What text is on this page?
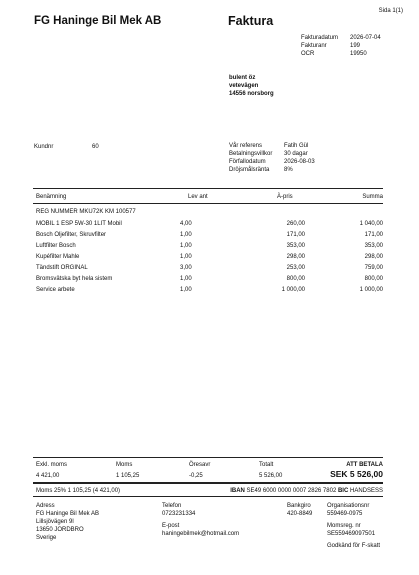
Sida 1(1)
FG Haninge Bil Mek AB	Faktura
Fakturadatum	2026-07-04
Fakturanr	199
OCR	19950
bulent öz
vetevägen
14556 norsborg
Kundnr	60	Vår referens	Fatih Gül
Betalningsvillkor	30 dagar
Förfallodatum	2026-08-03
Dröjsmålsränta	8%
Benämning	Lev ant	À-pris	Summa
REG NUMMER MKU72K KM 100577
MOBIL 1 ESP 5W-30 1LIT Mobil	4,00	260,00	1 040,00
Bosch Oljefilter, Skruvfilter	1,00	171,00	171,00
Luftfilter Bosch	1,00	353,00	353,00
Kupéfilter Mahle	1,00	298,00	298,00
Tändstift ORGINAL	3,00	253,00	759,00
Bromsvätska byt hela sistem	1,00	800,00	800,00
Service arbete	1,00	1 000,00	1 000,00
Exkl. moms	Moms	Öresavr	Totalt	ATT BETALA
4 421,00	1 105,25	-0,25	5 526,00	SEK 5 526,00
Moms 25% 1 105,25 (4 421,00)	IBAN SE49 6000 0000 0007 2826 7802 BIC HANDSESS
Adress
FG Haninge Bil Mek AB
Lillsjövägen 9l
13650 JORDBRO
Sverige
Telefon
0723231334
E-post
haningebilmek@hotmail.com
Bankgiro
420-8849
Organisationsnr
559469-0975
Momsreg. nr
SE559469097501
Godkänd för F-skatt
